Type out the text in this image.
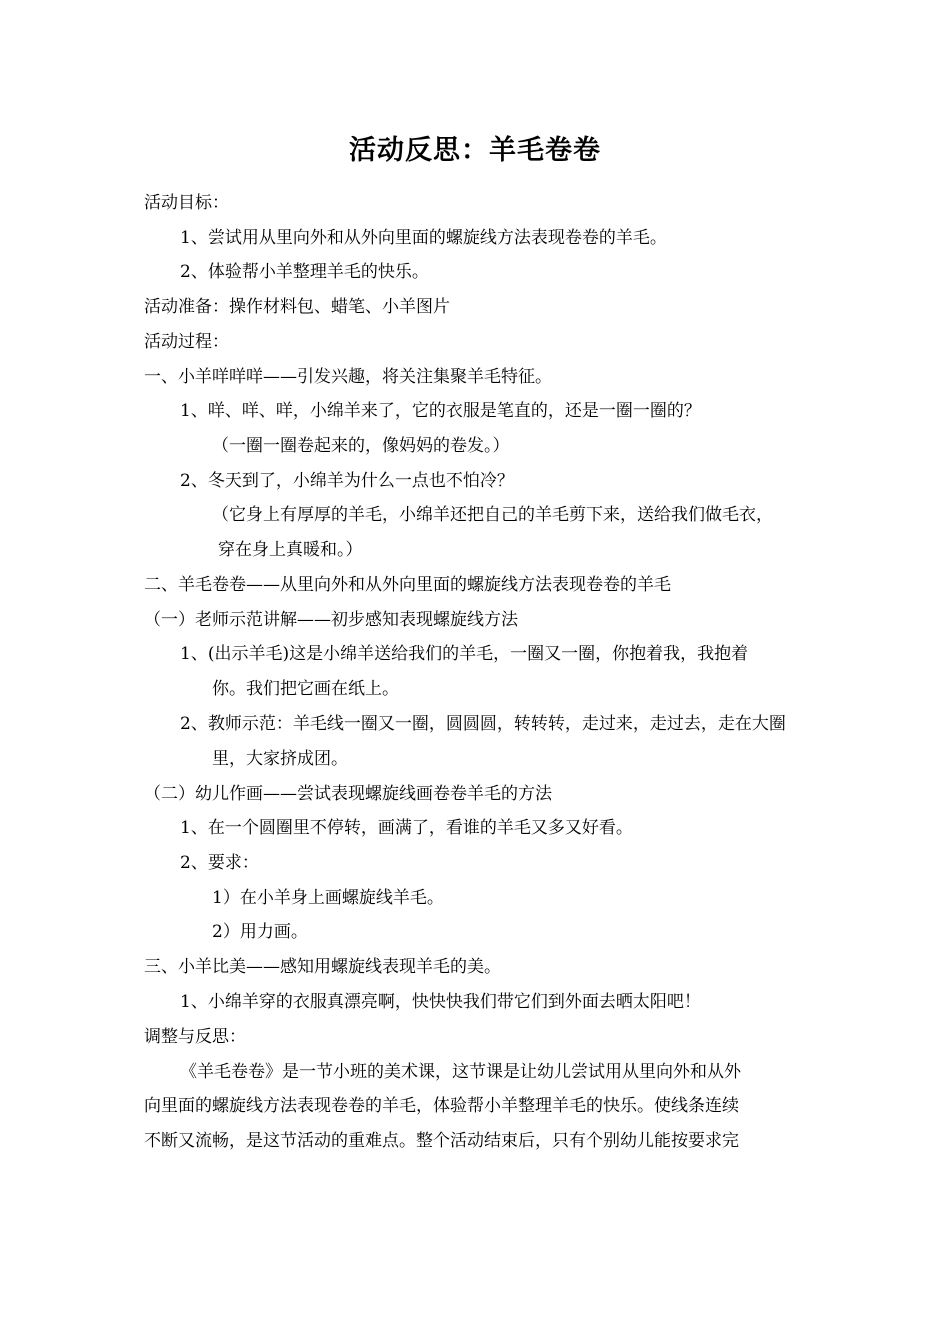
活动反思：羊毛卷卷
活动目标：
1、尝试用从里向外和从外向里面的螺旋线方法表现卷卷的羊毛。
2、体验帮小羊整理羊毛的快乐。
活动准备：操作材料包、蜡笔、小羊图片
活动过程：
一、小羊咩咩咩——引发兴趣，将关注集聚羊毛特征。
1、咩、咩、咩，小绵羊来了，它的衣服是笔直的，还是一圈一圈的？
（一圈一圈卷起来的，像妈妈的卷发。）
2、冬天到了，小绵羊为什么一点也不怕冷？
（它身上有厚厚的羊毛，小绵羊还把自己的羊毛剪下来，送给我们做毛衣，
穿在身上真暖和。）
二、羊毛卷卷——从里向外和从外向里面的螺旋线方法表现卷卷的羊毛
（一）老师示范讲解——初步感知表现螺旋线方法
1、(出示羊毛)这是小绵羊送给我们的羊毛，一圈又一圈，你抱着我，我抱着
你。我们把它画在纸上。
2、教师示范：羊毛线一圈又一圈，圆圆圆，转转转，走过来，走过去，走在大圈
里，大家挤成团。
（二）幼儿作画——尝试表现螺旋线画卷卷羊毛的方法
1、在一个圆圈里不停转，画满了，看谁的羊毛又多又好看。
2、要求：
1）在小羊身上画螺旋线羊毛。
2）用力画。
三、小羊比美——感知用螺旋线表现羊毛的美。
1、小绵羊穿的衣服真漂亮啊，快快快我们带它们到外面去晒太阳吧！
调整与反思：
《羊毛卷卷》是一节小班的美术课，这节课是让幼儿尝试用从里向外和从外
向里面的螺旋线方法表现卷卷的羊毛，体验帮小羊整理羊毛的快乐。使线条连续
不断又流畅，是这节活动的重难点。整个活动结束后，只有个别幼儿能按要求完
